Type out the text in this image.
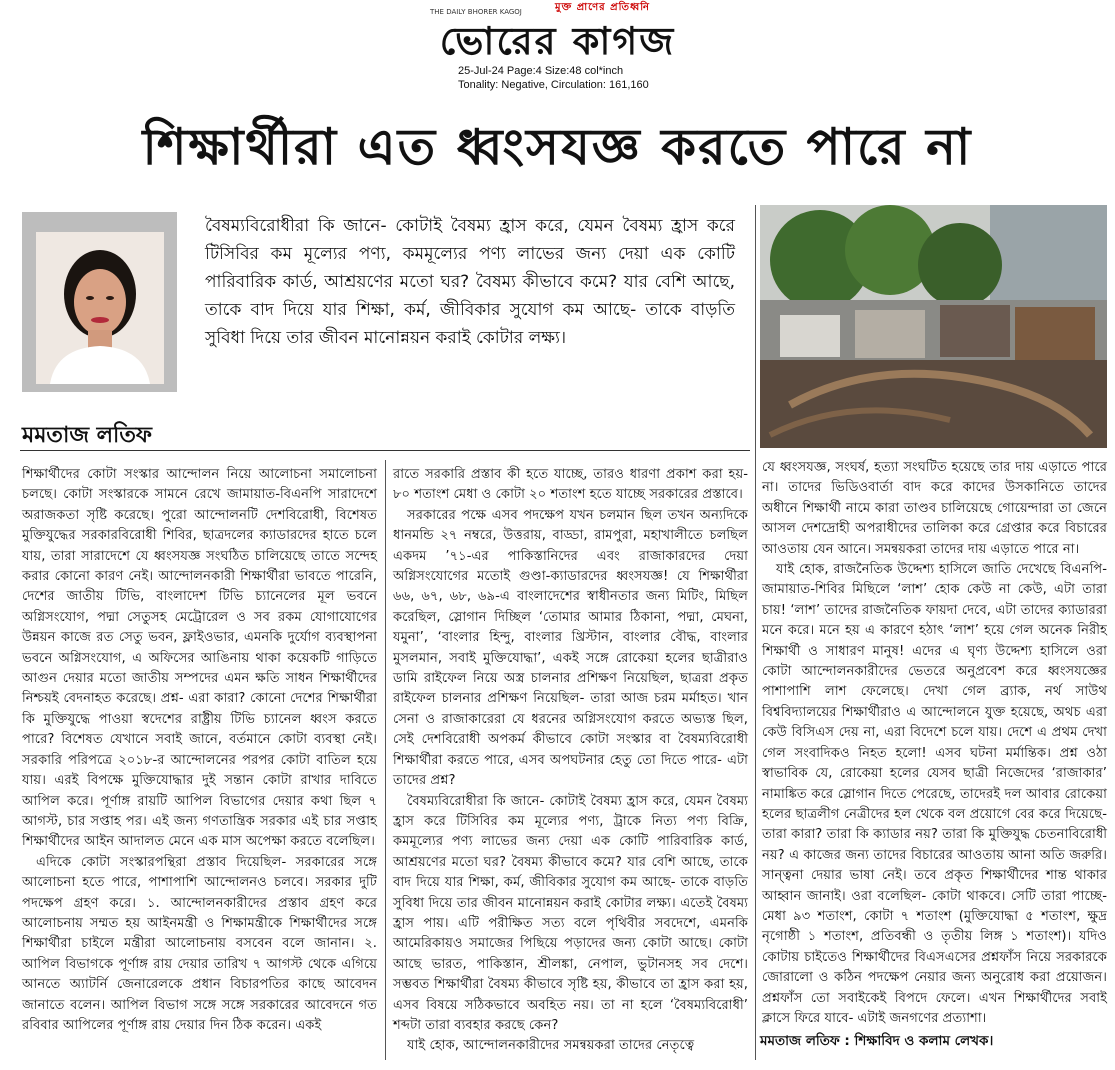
মুক্ত প্রাণের প্রতিধ্বনি
THE DAILY BHORER KAGOJ
ভোরের কাগজ
25-Jul-24 Page:4 Size:48 col*inch
Tonality: Negative, Circulation: 161,160
শিক্ষার্থীরা এত ধ্বংসযজ্ঞ করতে পারে না
বৈষম্যবিরোধীরা কি জানে- কোটাই বৈষম্য হ্রাস করে, যেমন বৈষম্য হ্রাস করে টিসিবির কম মূল্যের পণ্য, কমমূল্যের পণ্য লাভের জন্য দেয়া এক কোটি পারিবারিক কার্ড, আশ্রয়ণের মতো ঘর? বৈষম্য কীভাবে কমে? যার বেশি আছে, তাকে বাদ দিয়ে যার শিক্ষা, কর্ম, জীবিকার সুযোগ কম আছে- তাকে বাড়তি সুবিধা দিয়ে তার জীবন মানোন্নয়ন করাই কোটার লক্ষ্য।
মমতাজ লতিফ

শিক্ষার্থীদের কোটা সংস্কার আন্দোলন নিয়ে আলোচনা সমালোচনা চলছে। কোটা সংস্কারকে সামনে রেখে জামায়াত-বিএনপি সারাদেশে অরাজকতা সৃষ্টি করেছে। পুরো আন্দোলনটি দেশবিরোধী, বিশেষত মুক্তিযুদ্ধের সরকারবিরোধী শিবির, ছাত্রদলের ক্যাডারদের হাতে চলে যায়, তারা সারাদেশে যে ধ্বংসযজ্ঞ সংঘঠিত চালিয়েছে তাতে সন্দেহ করার কোনো কারণ নেই। আন্দোলনকারী শিক্ষার্থীরা ভাবতে পারেনি, দেশের জাতীয় টিভি, বাংলাদেশ টিভি চ্যানেলের মূল ভবনে অগ্নিসংযোগ, পদ্মা সেতুসহ মেট্রোরেল ও সব রকম যোগাযোগের উন্নয়ন কাজে রত সেতু ভবন, ফ্লাইওভার, এমনকি দুর্যোগ ব্যবস্থাপনা ভবনে অগ্নিসংযোগ, এ অফিসের আঙিনায় থাকা কয়েকটি গাড়িতে আগুন দেয়ার মতো জাতীয় সম্পদের এমন ক্ষতি সাধন শিক্ষার্থীদের নিশ্চয়ই বেদনাহত করেছে। প্রশ্ন- এরা কারা? কোনো দেশের শিক্ষার্থীরা কি মুক্তিযুদ্ধে পাওয়া স্বদেশের রাষ্ট্রীয় টিভি চ্যানেল ধ্বংস করতে পারে? বিশেষত যেখানে সবাই জানে, বর্তমানে কোটা ব্যবস্থা নেই। সরকারি পরিপত্রে ২০১৮-র আন্দোলনের পরপর কোটা বাতিল হয়ে যায়। এরই বিপক্ষে মুক্তিযোদ্ধার দুই সন্তান কোটা রাখার দাবিতে আপিল করে। পূর্ণাঙ্গ রায়টি আপিল বিভাগের দেয়ার কথা ছিল ৭ আগস্ট, চার সপ্তাহ পর। এই জন্য গণতান্ত্রিক সরকার এই চার সপ্তাহ শিক্ষার্থীদের আইন আদালত মেনে এক মাস অপেক্ষা করতে বলেছিল।

এদিকে কোটা সংস্কারপন্থিরা প্রস্তাব দিয়েছিল- সরকারের সঙ্গে আলোচনা হতে পারে, পাশাপাশি আন্দোলনও চলবে। সরকার দুটি পদক্ষেপ গ্রহণ করে। ১. আন্দোলনকারীদের প্রস্তাব গ্রহণ করে আলোচনায় সম্মত হয় আইনমন্ত্রী ও শিক্ষামন্ত্রীকে শিক্ষার্থীদের সঙ্গে শিক্ষার্থীরা চাইলে মন্ত্রীরা আলোচনায় বসবেন বলে জানান। ২. আপিল বিভাগকে পূর্ণাঙ্গ রায় দেয়ার তারিখ ৭ আগস্ট থেকে এগিয়ে আনতে অ্যাটর্নি জেনারেলকে প্রধান বিচারপতির কাছে আবেদন জানাতে বলেন। আপিল বিভাগ সঙ্গে সঙ্গে সরকারের আবেদনে গত রবিবার আপিলের পূর্ণাঙ্গ রায় দেয়ার দিন ঠিক করেন। একই

রাতে সরকারি প্রস্তাব কী হতে যাচ্ছে, তারও ধারণা প্রকাশ করা হয়- ৮০ শতাংশ মেধা ও কোটা ২০ শতাংশ হতে যাচ্ছে সরকারের প্রস্তাবে।

সরকারের পক্ষে এসব পদক্ষেপ যখন চলমান ছিল তখন অন্যদিকে ধানমন্ডি ২৭ নম্বরে, উত্তরায়, বাড্ডা, রামপুরা, মহাখালীতে চলছিল একদম ’৭১-এর পাকিস্তানিদের এবং রাজাকারদের দেয়া অগ্নিসংযোগের মতোই গুণ্ডা-ক্যাডারদের ধ্বংসযজ্ঞ! যে শিক্ষার্থীরা ৬৬, ৬৭, ৬৮, ৬৯-এ বাংলাদেশের স্বাধীনতার জন্য মিটিং, মিছিল করেছিল, স্লোগান দিচ্ছিল ‘তোমার আমার ঠিকানা, পদ্মা, মেঘনা, যমুনা’, ‘বাংলার হিন্দু, বাংলার খ্রিস্টান, বাংলার বৌদ্ধ, বাংলার মুসলমান, সবাই মুক্তিযোদ্ধা’, একই সঙ্গে রোকেয়া হলের ছাত্রীরাও ডামি রাইফেল নিয়ে অস্ত্র চালনার প্রশিক্ষণ নিয়েছিল, ছাত্ররা প্রকৃত রাইফেল চালনার প্রশিক্ষণ নিয়েছিল- তারা আজ চরম মর্মাহত। খান সেনা ও রাজাকারেরা যে ধরনের অগ্নিসংযোগ করতে অভ্যস্ত ছিল, সেই দেশবিরোধী অপকর্ম কীভাবে কোটা সংস্কার বা বৈষম্যবিরোধী শিক্ষার্থীরা করতে পারে, এসব অপঘটনার হেতু তো দিতে পারে- এটা তাদের প্রশ্ন?

বৈষম্যবিরোধীরা কি জানে- কোটাই বৈষম্য হ্রাস করে, যেমন বৈষম্য হ্রাস করে টিসিবির কম মূল্যের পণ্য, ট্রাকে নিত্য পণ্য বিক্রি, কমমূল্যের পণ্য লাভের জন্য দেয়া এক কোটি পারিবারিক কার্ড, আশ্রয়ণের মতো ঘর? বৈষম্য কীভাবে কমে? যার বেশি আছে, তাকে বাদ দিয়ে যার শিক্ষা, কর্ম, জীবিকার সুযোগ কম আছে- তাকে বাড়তি সুবিধা দিয়ে তার জীবন মানোন্নয়ন করাই কোটার লক্ষ্য। এতেই বৈষম্য হ্রাস পায়। এটি পরীক্ষিত সত্য বলে পৃথিবীর সবদেশে, এমনকি আমেরিকায়ও সমাজের পিছিয়ে পড়াদের জন্য কোটা আছে। কোটা আছে ভারত, পাকিস্তান, শ্রীলঙ্কা, নেপাল, ভুটানসহ সব দেশে। সম্ভবত শিক্ষার্থীরা বৈষম্য কীভাবে সৃষ্টি হয়, কীভাবে তা হ্রাস করা হয়, এসব বিষয়ে সঠিকভাবে অবহিত নয়। তা না হলে ‘বৈষম্যবিরোধী’ শব্দটা তারা ব্যবহার করছে কেন?

যাই হোক, আন্দোলনকারীদের সমন্বয়করা তাদের নেতৃত্বে

যে ধ্বংসযজ্ঞ, সংঘর্ষ, হত্যা সংঘটিত হয়েছে তার দায় এড়াতে পারে না। তাদের ভিডিওবার্তা বাদ করে কাদের উসকানিতে তাদের অধীনে শিক্ষার্থী নামে কারা তাণ্ডব চালিয়েছে গোয়েন্দারা তা জেনে আসল দেশদ্রোহী অপরাধীদের তালিকা করে গ্রেপ্তার করে বিচারের আওতায় যেন আনে। সমন্বয়করা তাদের দায় এড়াতে পারে না।

যাই হোক, রাজনৈতিক উদ্দেশ্য হাসিলে জাতি দেখেছে বিএনপি-জামায়াত-শিবির মিছিলে ‘লাশ’ হোক কেউ না কেউ, এটা তারা চায়! ‘লাশ’ তাদের রাজনৈতিক ফায়দা দেবে, এটা তাদের ক্যাডাররা মনে করে। মনে হয় এ কারণে হঠাৎ ‘লাশ’ হয়ে গেল অনেক নিরীহ শিক্ষার্থী ও সাধারণ মানুষ! এদের এ ঘৃণ্য উদ্দেশ্য হাসিলে ওরা কোটা আন্দোলনকারীদের ভেতরে অনুপ্রবেশ করে ধ্বংসযজ্ঞের পাশাপাশি লাশ ফেলেছে। দেখা গেল ব্র্যাক, নর্থ সাউথ বিশ্ববিদ্যালয়ের শিক্ষার্থীরাও এ আন্দোলনে যুক্ত হয়েছে, অথচ এরা কেউ বিসিএস দেয় না, এরা বিদেশে চলে যায়। দেশে এ প্রথম দেখা গেল সংবাদিকও নিহত হলো! এসব ঘটনা মর্মান্তিক। প্রশ্ন ওঠা স্বাভাবিক যে, রোকেয়া হলের যেসব ছাত্রী নিজেদের ‘রাজাকার’ নামাঙ্কিত করে স্লোগান দিতে পেরেছে, তাদেরই দল আবার রোকেয়া হলের ছাত্রলীগ নেত্রীদের হল থেকে বল প্রয়োগে বের করে দিয়েছে- তারা কারা? তারা কি ক্যাডার নয়? তারা কি মুক্তিযুদ্ধ চেতনাবিরোধী নয়? এ কাজের জন্য তাদের বিচারের আওতায় আনা অতি জরুরি। সান্ত্বনা দেয়ার ভাষা নেই। তবে প্রকৃত শিক্ষার্থীদের শান্ত থাকার আহ্বান জানাই। ওরা বলেছিল- কোটা থাকবে। সেটি তারা পাচ্ছে- মেধা ৯৩ শতাংশ, কোটা ৭ শতাংশ (মুক্তিযোদ্ধা ৫ শতাংশ, ক্ষুদ্র নৃগোষ্ঠী ১ শতাংশ, প্রতিবন্ধী ও তৃতীয় লিঙ্গ ১ শতাংশ)। যদিও কোটায় চাইতেও শিক্ষার্থীদের বিএসএসের প্রশ্নফাঁস নিয়ে সরকারকে জোরালো ও কঠিন পদক্ষেপ নেয়ার জন্য অনুরোধ করা প্রয়োজন। প্রশ্নফাঁস তো সবাইকেই বিপদে ফেলে। এখন শিক্ষার্থীদের সবাই ক্লাসে ফিরে যাবে- এটাই জনগণের প্রত্যাশা।

মমতাজ লতিফ : শিক্ষাবিদ ও কলাম লেখক।
